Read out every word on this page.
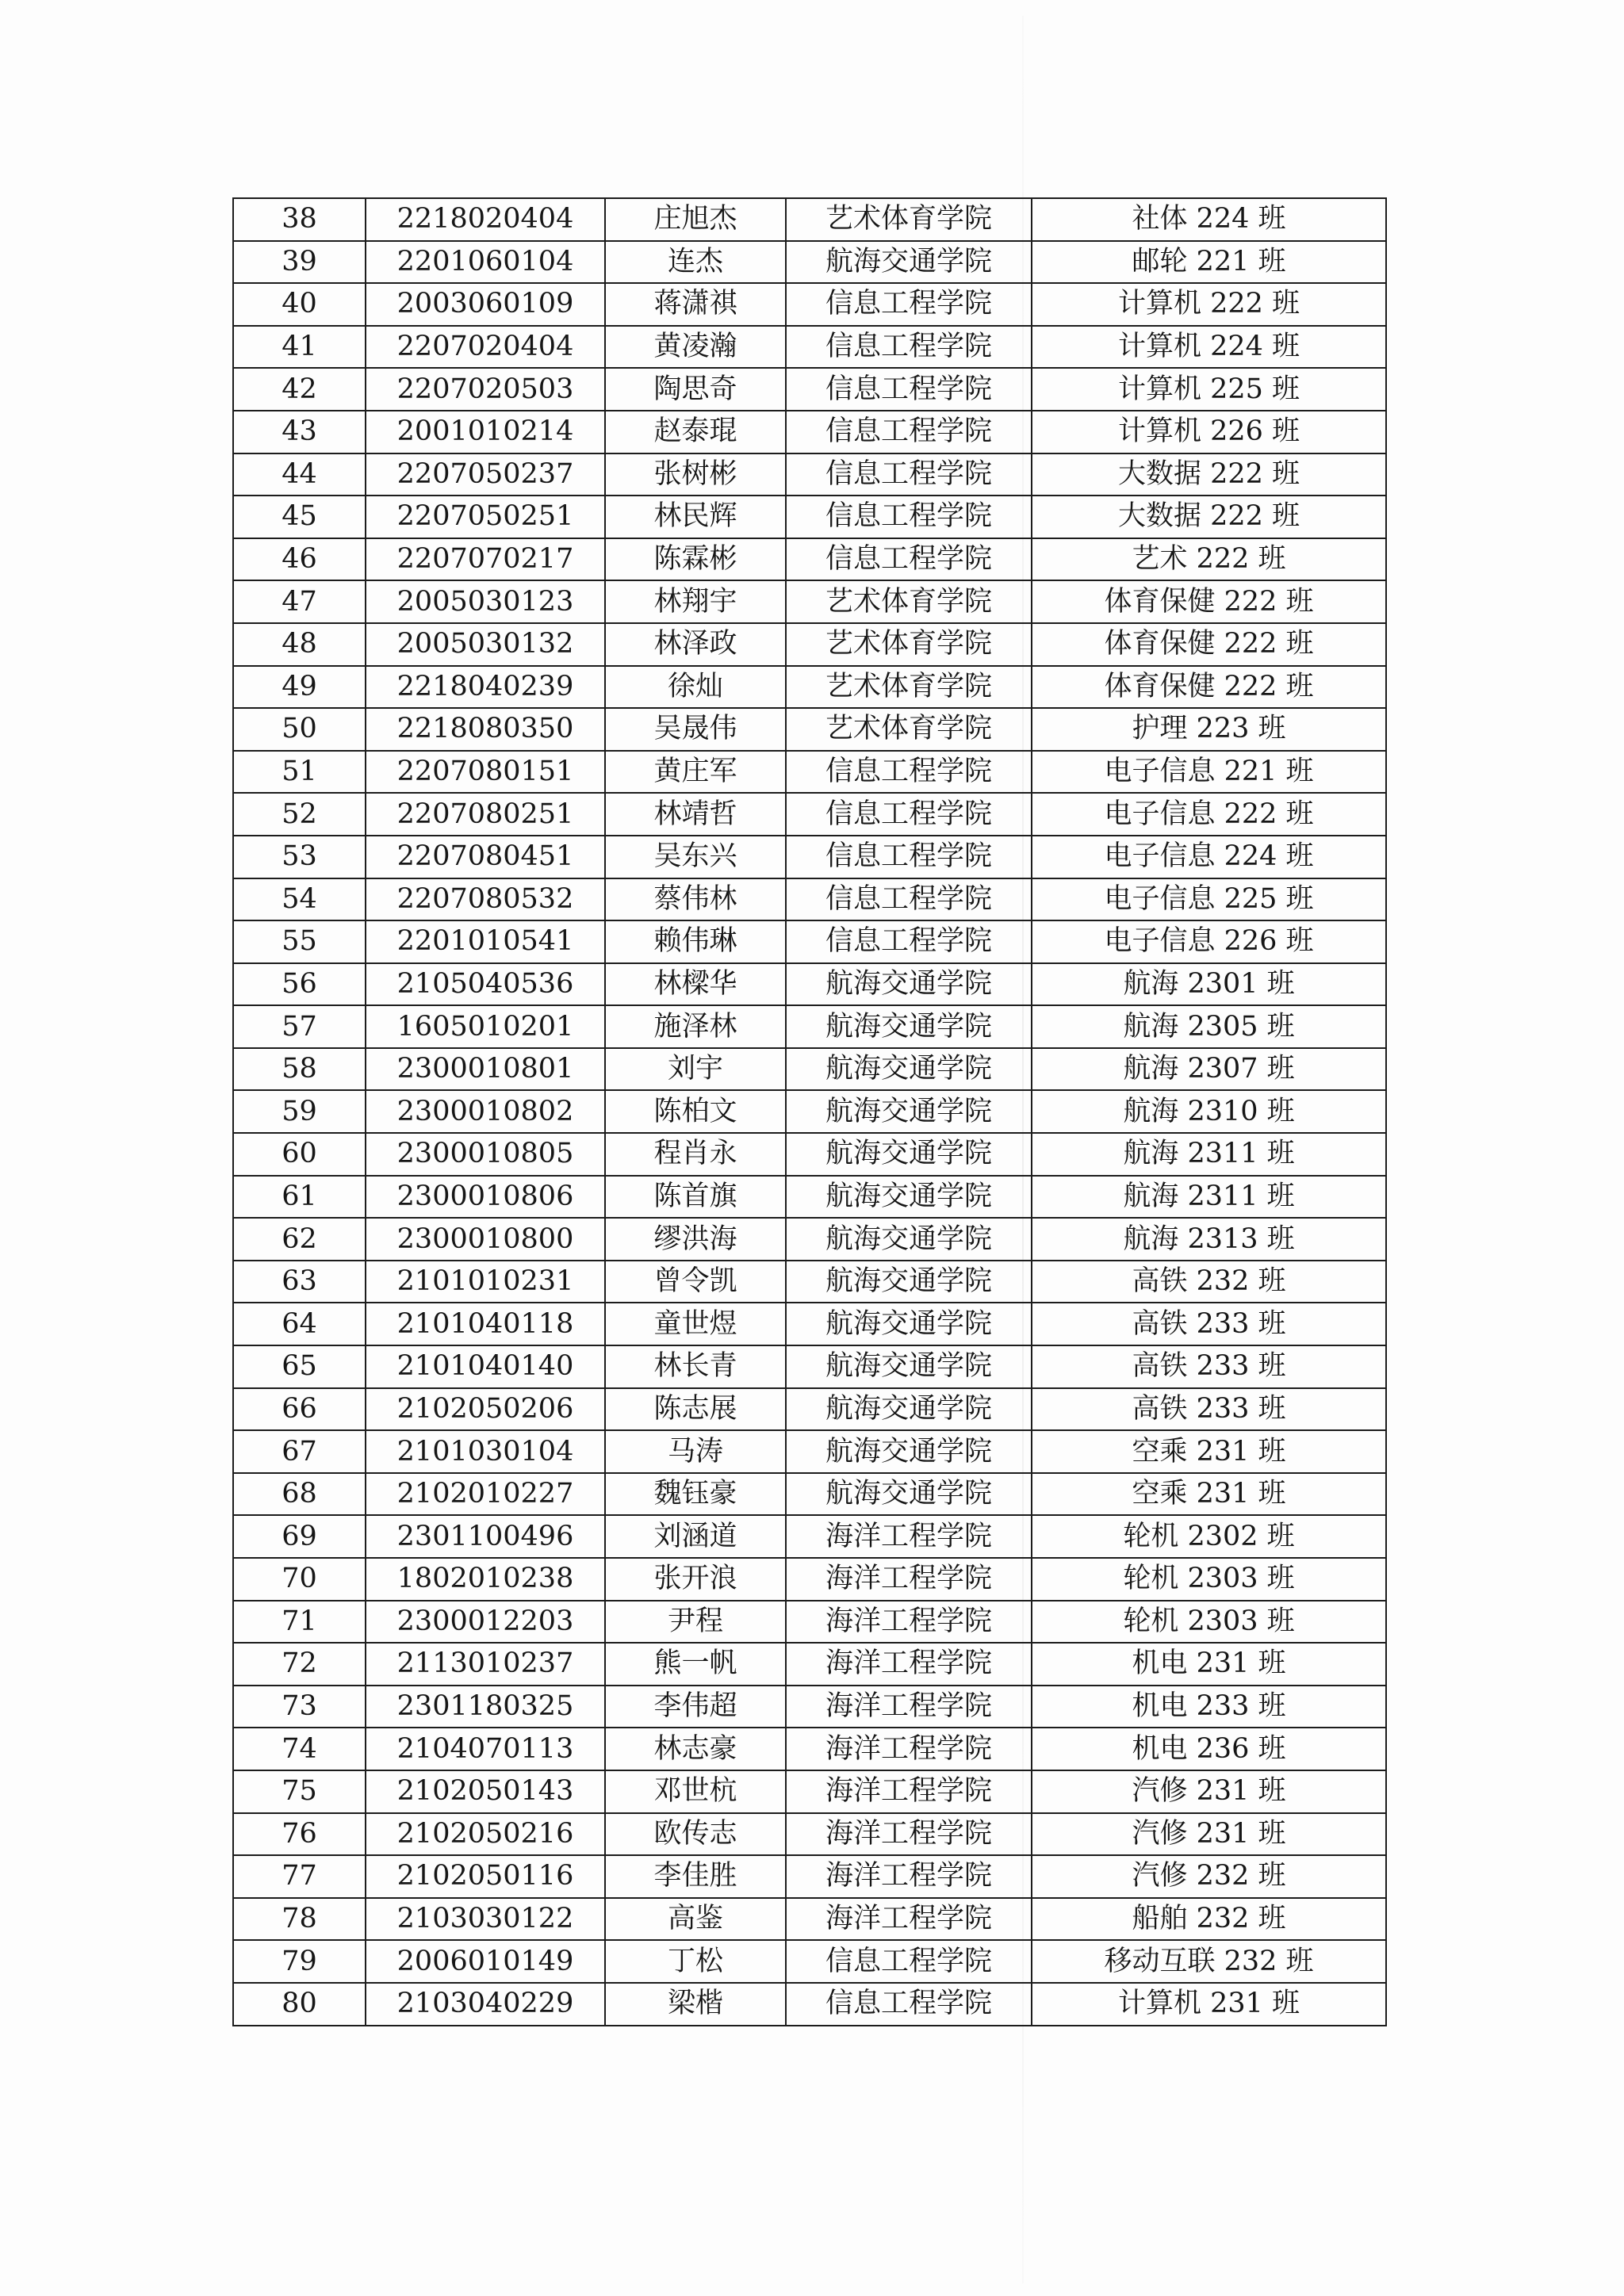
38	2218020404	庄旭杰	艺术体育学院	社体 224 班
39	2201060104	连杰	航海交通学院	邮轮 221 班
40	2003060109	蒋潇祺	信息工程学院	计算机 222 班
41	2207020404	黄凌瀚	信息工程学院	计算机 224 班
42	2207020503	陶思奇	信息工程学院	计算机 225 班
43	2001010214	赵泰琨	信息工程学院	计算机 226 班
44	2207050237	张树彬	信息工程学院	大数据 222 班
45	2207050251	林民辉	信息工程学院	大数据 222 班
46	2207070217	陈霖彬	信息工程学院	艺术 222 班
47	2005030123	林翔宇	艺术体育学院	体育保健 222 班
48	2005030132	林泽政	艺术体育学院	体育保健 222 班
49	2218040239	徐灿	艺术体育学院	体育保健 222 班
50	2218080350	吴晟伟	艺术体育学院	护理 223 班
51	2207080151	黄庄军	信息工程学院	电子信息 221 班
52	2207080251	林靖哲	信息工程学院	电子信息 222 班
53	2207080451	吴东兴	信息工程学院	电子信息 224 班
54	2207080532	蔡伟林	信息工程学院	电子信息 225 班
55	2201010541	赖伟琳	信息工程学院	电子信息 226 班
56	2105040536	林樑华	航海交通学院	航海 2301 班
57	1605010201	施泽林	航海交通学院	航海 2305 班
58	2300010801	刘宇	航海交通学院	航海 2307 班
59	2300010802	陈柏文	航海交通学院	航海 2310 班
60	2300010805	程肖永	航海交通学院	航海 2311 班
61	2300010806	陈首旗	航海交通学院	航海 2311 班
62	2300010800	缪洪海	航海交通学院	航海 2313 班
63	2101010231	曾令凯	航海交通学院	高铁 232 班
64	2101040118	童世煜	航海交通学院	高铁 233 班
65	2101040140	林长青	航海交通学院	高铁 233 班
66	2102050206	陈志展	航海交通学院	高铁 233 班
67	2101030104	马涛	航海交通学院	空乘 231 班
68	2102010227	魏钰豪	航海交通学院	空乘 231 班
69	2301100496	刘涵道	海洋工程学院	轮机 2302 班
70	1802010238	张开浪	海洋工程学院	轮机 2303 班
71	2300012203	尹程	海洋工程学院	轮机 2303 班
72	2113010237	熊一帆	海洋工程学院	机电 231 班
73	2301180325	李伟超	海洋工程学院	机电 233 班
74	2104070113	林志豪	海洋工程学院	机电 236 班
75	2102050143	邓世杭	海洋工程学院	汽修 231 班
76	2102050216	欧传志	海洋工程学院	汽修 231 班
77	2102050116	李佳胜	海洋工程学院	汽修 232 班
78	2103030122	高鉴	海洋工程学院	船舶 232 班
79	2006010149	丁松	信息工程学院	移动互联 232 班
80	2103040229	梁楷	信息工程学院	计算机 231 班
